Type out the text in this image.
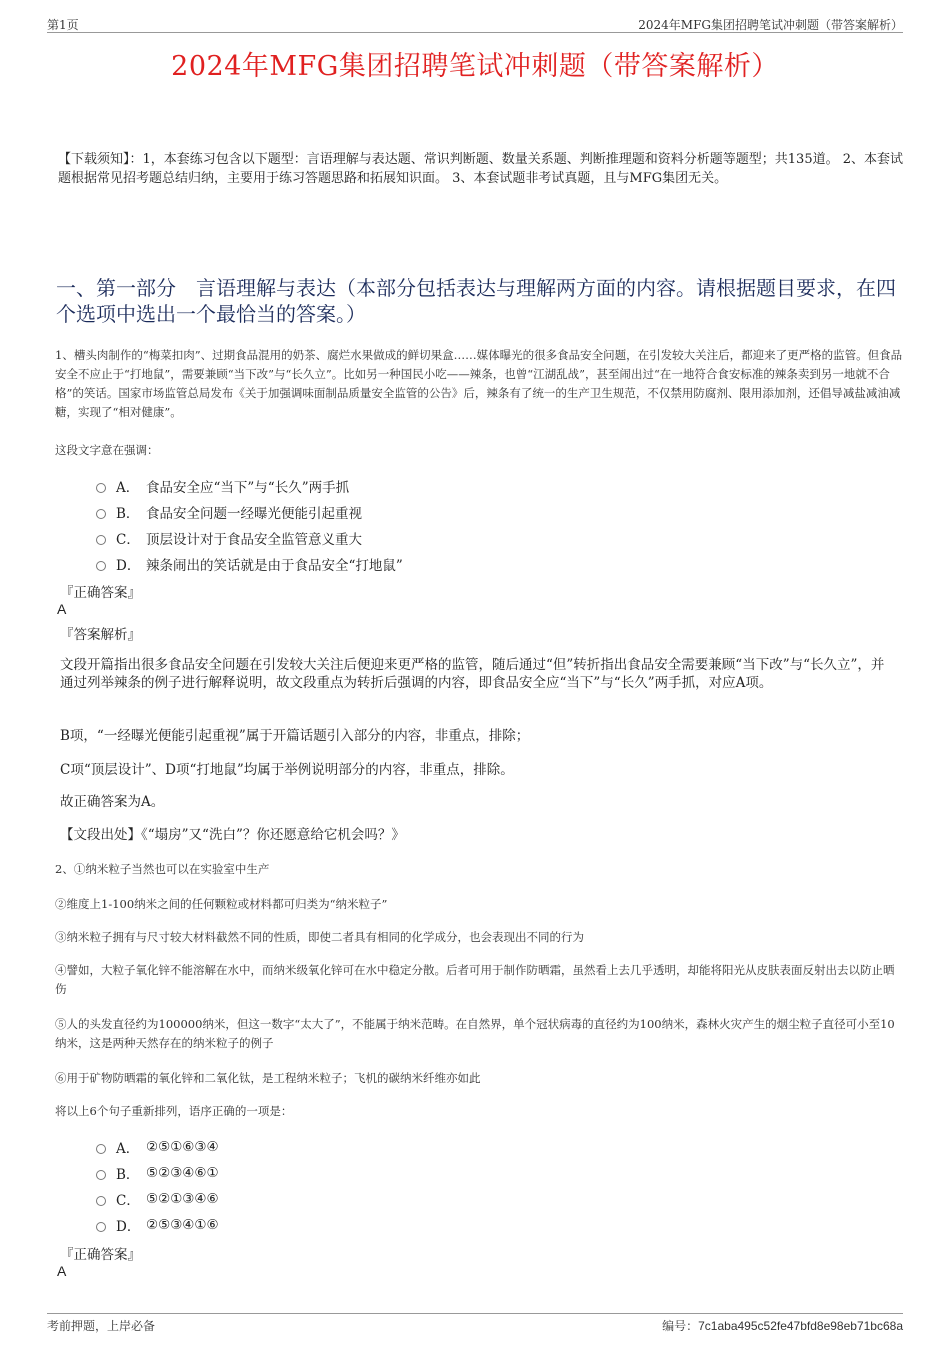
第1页	2024年MFG集团招聘笔试冲刺题（带答案解析）
2024年MFG集团招聘笔试冲刺题（带答案解析）
【下载须知】：1，本套练习包含以下题型：言语理解与表达题、常识判断题、数量关系题、判断推理题和资料分析题等题型；共135道。 2、本套试题根据常见招考题总结归纳，主要用于练习答题思路和拓展知识面。 3、本套试题非考试真题，且与MFG集团无关。
一、第一部分　言语理解与表达（本部分包括表达与理解两方面的内容。请根据题目要求，在四个选项中选出一个最恰当的答案。）
1、槽头肉制作的“梅菜扣肉”、过期食品混用的奶茶、腐烂水果做成的鲜切果盒……媒体曝光的很多食品安全问题，在引发较大关注后，都迎来了更严格的监管。但食品安全不应止于“打地鼠”，需要兼顾“当下改”与“长久立”。比如另一种国民小吃——辣条，也曾“江湖乱战”，甚至闹出过“在一地符合食安标准的辣条卖到另一地就不合格”的笑话。国家市场监管总局发布《关于加强调味面制品质量安全监管的公告》后，辣条有了统一的生产卫生规范，不仅禁用防腐剂、限用添加剂，还倡导减盐减油减糖，实现了“相对健康”。
这段文字意在强调：
A． 食品安全应“当下”与“长久”两手抓
B． 食品安全问题一经曝光便能引起重视
C． 顶层设计对于食品安全监管意义重大
D． 辣条闹出的笑话就是由于食品安全“打地鼠”
『正确答案』
A
『答案解析』
文段开篇指出很多食品安全问题在引发较大关注后便迎来更严格的监管，随后通过“但”转折指出食品安全需要兼顾“当下改”与“长久立”，并通过列举辣条的例子进行解释说明，故文段重点为转折后强调的内容，即食品安全应“当下”与“长久”两手抓，对应A项。
B项，“一经曝光便能引起重视”属于开篇话题引入部分的内容，非重点，排除；
C项“顶层设计”、D项“打地鼠”均属于举例说明部分的内容，非重点，排除。
故正确答案为A。
【文段出处】《“塌房”又“洗白”？你还愿意给它机会吗？》
2、①纳米粒子当然也可以在实验室中生产
②维度上1-100纳米之间的任何颗粒或材料都可归类为“纳米粒子”
③纳米粒子拥有与尺寸较大材料截然不同的性质，即使二者具有相同的化学成分，也会表现出不同的行为
④譬如，大粒子氧化锌不能溶解在水中，而纳米级氧化锌可在水中稳定分散。后者可用于制作防晒霜，虽然看上去几乎透明，却能将阳光从皮肤表面反射出去以防止晒伤
⑤人的头发直径约为100000纳米，但这一数字“太大了”，不能属于纳米范畴。在自然界，单个冠状病毒的直径约为100纳米，森林火灾产生的烟尘粒子直径可小至10纳米，这是两种天然存在的纳米粒子的例子
⑥用于矿物防晒霜的氧化锌和二氧化钛，是工程纳米粒子；飞机的碳纳米纤维亦如此
将以上6个句子重新排列，语序正确的一项是：
A． ②⑤①⑥③④
B． ⑤②③④⑥①
C． ⑤②①③④⑥
D． ②⑤③④①⑥
『正确答案』
A
考前押题，上岸必备	编号：7c1aba495c52fe47bfd8e98eb71bc68a
